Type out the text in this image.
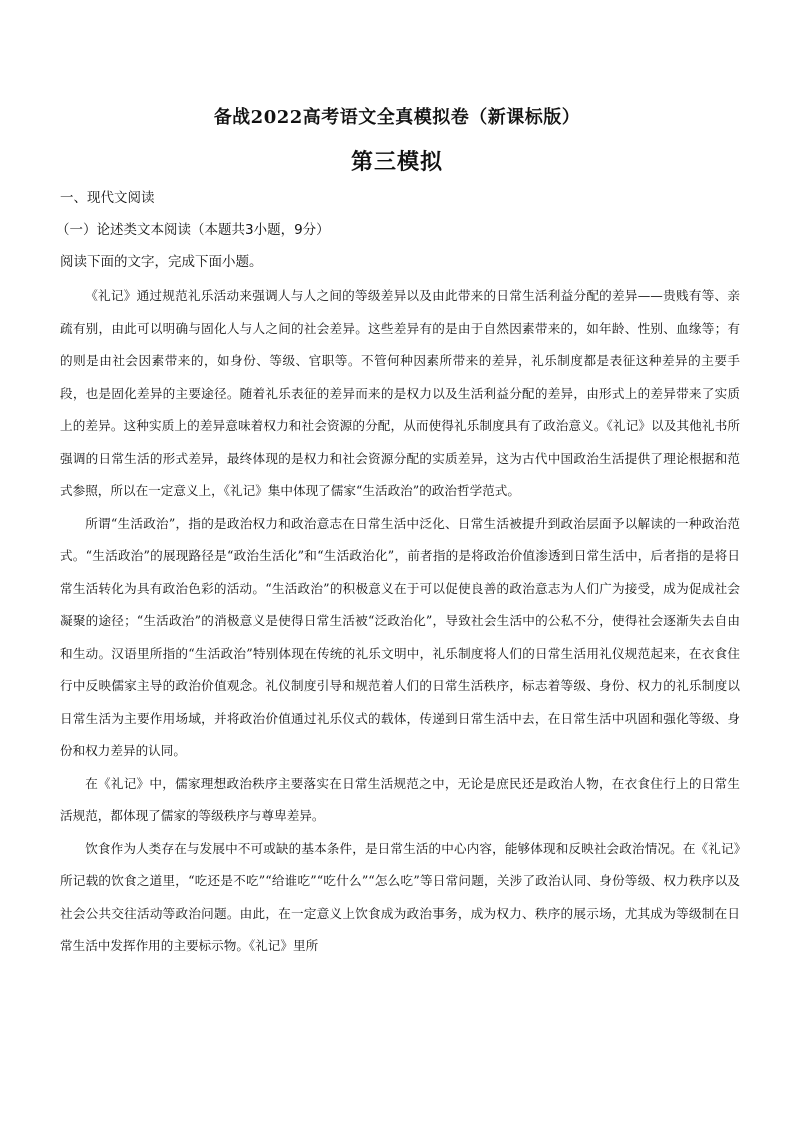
备战2022高考语文全真模拟卷（新课标版）
第三模拟
一、现代文阅读
（一）论述类文本阅读（本题共3小题，9分）
阅读下面的文字，完成下面小题。

《礼记》通过规范礼乐活动来强调人与人之间的等级差异以及由此带来的日常生活利益分配的差异——贵贱有等、亲疏有别，由此可以明确与固化人与人之间的社会差异。这些差异有的是由于自然因素带来的，如年龄、性别、血缘等；有的则是由社会因素带来的，如身份、等级、官职等。不管何种因素所带来的差异，礼乐制度都是表征这种差异的主要手段，也是固化差异的主要途径。随着礼乐表征的差异而来的是权力以及生活利益分配的差异，由形式上的差异带来了实质上的差异。这种实质上的差异意味着权力和社会资源的分配，从而使得礼乐制度具有了政治意义。《礼记》以及其他礼书所强调的日常生活的形式差异，最终体现的是权力和社会资源分配的实质差异，这为古代中国政治生活提供了理论根据和范式参照，所以在一定意义上，《礼记》集中体现了儒家“生活政治”的政治哲学范式。

所谓“生活政治”，指的是政治权力和政治意志在日常生活中泛化、日常生活被提升到政治层面予以解读的一种政治范式。“生活政治”的展现路径是“政治生活化”和“生活政治化”，前者指的是将政治价值渗透到日常生活中，后者指的是将日常生活转化为具有政治色彩的活动。“生活政治”的积极意义在于可以促使良善的政治意志为人们广为接受，成为促成社会凝聚的途径；“生活政治”的消极意义是使得日常生活被“泛政治化”，导致社会生活中的公私不分，使得社会逐渐失去自由和生动。汉语里所指的“生活政治”特别体现在传统的礼乐文明中，礼乐制度将人们的日常生活用礼仪规范起来，在衣食住行中反映儒家主导的政治价值观念。礼仪制度引导和规范着人们的日常生活秩序，标志着等级、身份、权力的礼乐制度以日常生活为主要作用场域，并将政治价值通过礼乐仪式的载体，传递到日常生活中去，在日常生活中巩固和强化等级、身份和权力差异的认同。

在《礼记》中，儒家理想政治秩序主要落实在日常生活规范之中，无论是庶民还是政治人物，在衣食住行上的日常生活规范，都体现了儒家的等级秩序与尊卑差异。

饮食作为人类存在与发展中不可或缺的基本条件，是日常生活的中心内容，能够体现和反映社会政治情况。在《礼记》所记载的饮食之道里，“吃还是不吃”“给谁吃”“吃什么”“怎么吃”等日常问题，关涉了政治认同、身份等级、权力秩序以及社会公共交往活动等政治问题。由此，在一定意义上饮食成为政治事务，成为权力、秩序的展示场，尤其成为等级制在日常生活中发挥作用的主要标示物。《礼记》里所
